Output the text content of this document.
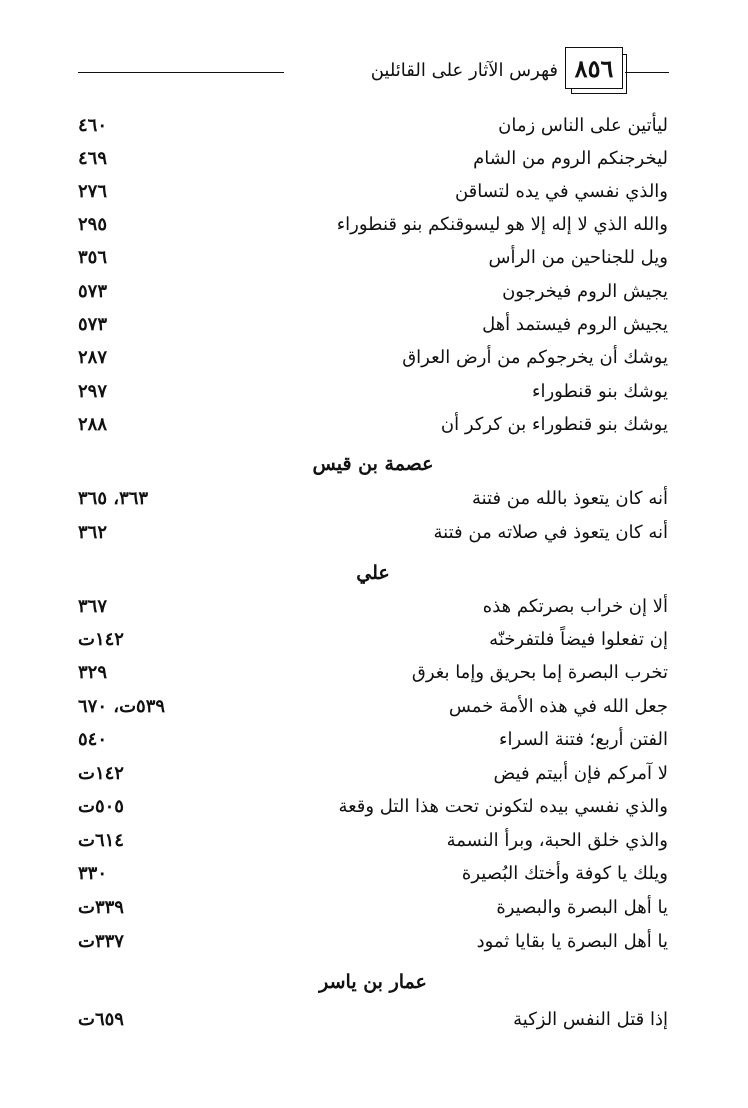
فهرس الآثار على القائلين ٨٥٦
ليأتين على الناس زمان
٤٦٠
ليخرجنكم الروم من الشام
٤٦٩
والذي نفسي في يده لتساقن
٢٧٦
والله الذي لا إله إلا هو ليسوقنكم بنو قنطوراء
٢٩٥
ويل للجناحين من الرأس
٣٥٦
يجيش الروم فيخرجون
٥٧٣
يجيش الروم فيستمد أهل
٥٧٣
يوشك أن يخرجوكم من أرض العراق
٢٨٧
يوشك بنو قنطوراء
٢٩٧
يوشك بنو قنطوراء بن كركر أن
٢٨٨
عصمة بن قيس
أنه كان يتعوذ بالله من فتنة
٣٦٣، ٣٦٥
أنه كان يتعوذ في صلاته من فتنة
٣٦٢
علي
ألا إن خراب بصرتكم هذه
٣٦٧
إن تفعلوا فيضاً فلتفرخنّه
١٤٢ت
تخرب البصرة إما بحريق وإما بغرق
٣٢٩
جعل الله في هذه الأمة خمس
٥٣٩ت، ٦٧٠
الفتن أربع؛ فتنة السراء
٥٤٠
لا آمركم فإن أبيتم فيض
١٤٢ت
والذي نفسي بيده لتكونن تحت هذا التل وقعة
٥٠٥ت
والذي خلق الحبة، وبرأ النسمة
٦١٤ت
ويلك يا كوفة وأختك البُصيرة
٣٣٠
يا أهل البصرة والبصيرة
٣٣٩ت
يا أهل البصرة يا بقايا ثمود
٣٣٧ت
عمار بن ياسر
إذا قتل النفس الزكية
٦٥٩ت
